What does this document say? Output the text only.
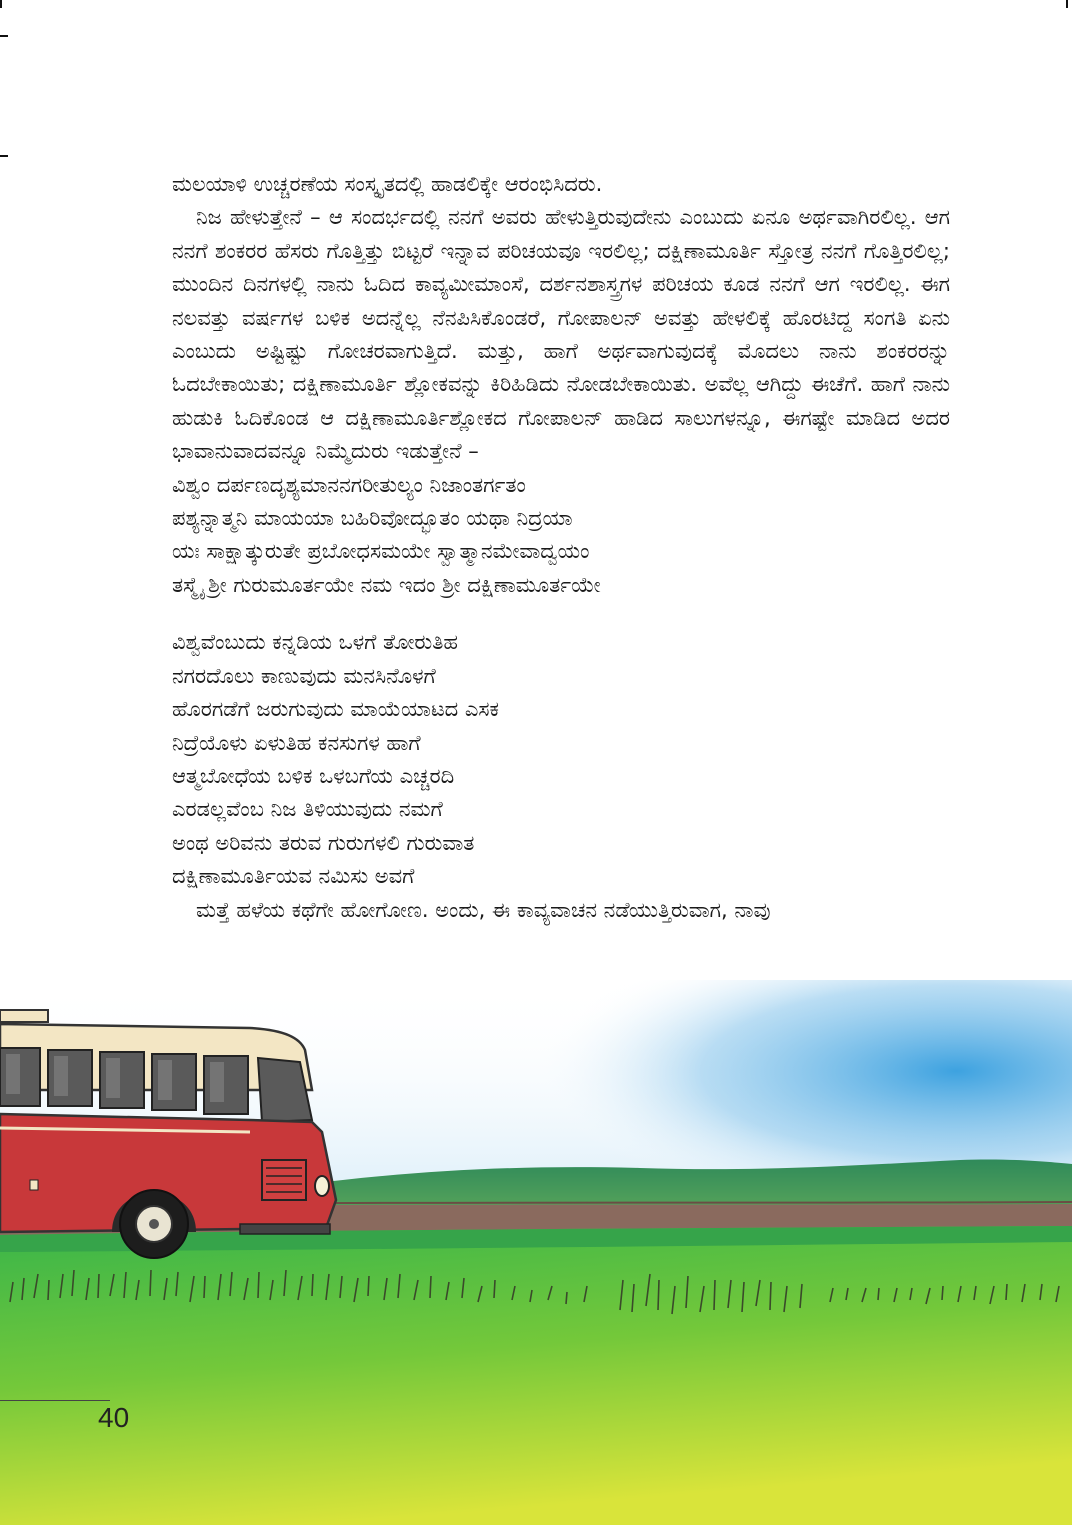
ಮಲಯಾಳಿ ಉಚ್ಚರಣೆಯ ಸಂಸ್ಕೃತದಲ್ಲಿ ಹಾಡಲಿಕ್ಕೇ ಆರಂಭಿಸಿದರು.

ನಿಜ ಹೇಳುತ್ತೇನೆ – ಆ ಸಂದರ್ಭದಲ್ಲಿ ನನಗೆ ಅವರು ಹೇಳುತ್ತಿರುವುದೇನು ಎಂಬುದು ಏನೂ ಅರ್ಥವಾಗಿರಲಿಲ್ಲ. ಆಗ ನನಗೆ ಶಂಕರರ ಹೆಸರು ಗೊತ್ತಿತ್ತು ಬಿಟ್ಟರೆ ಇನ್ನಾವ ಪರಿಚಯವೂ ಇರಲಿಲ್ಲ; ದಕ್ಷಿಣಾಮೂರ್ತಿ ಸ್ತೋತ್ರ ನನಗೆ ಗೊತ್ತಿರಲಿಲ್ಲ; ಮುಂದಿನ ದಿನಗಳಲ್ಲಿ ನಾನು ಓದಿದ ಕಾವ್ಯಮೀಮಾಂಸೆ, ದರ್ಶನಶಾಸ್ತ್ರಗಳ ಪರಿಚಯ ಕೂಡ ನನಗೆ ಆಗ ಇರಲಿಲ್ಲ. ಈಗ ನಲವತ್ತು ವರ್ಷಗಳ ಬಳಿಕ ಅದನ್ನೆಲ್ಲ ನೆನಪಿಸಿಕೊಂಡರೆ, ಗೋಪಾಲನ್ ಅವತ್ತು ಹೇಳಲಿಕ್ಕೆ ಹೊರಟಿದ್ದ ಸಂಗತಿ ಏನು ಎಂಬುದು ಅಷ್ಟಿಷ್ಟು ಗೋಚರವಾಗುತ್ತಿದೆ. ಮತ್ತು, ಹಾಗೆ ಅರ್ಥವಾಗುವುದಕ್ಕೆ ಮೊದಲು ನಾನು ಶಂಕರರನ್ನು ಓದಬೇಕಾಯಿತು; ದಕ್ಷಿಣಾಮೂರ್ತಿ ಶ್ಲೋಕವನ್ನು ಕಿರಿಹಿಡಿದು ನೋಡಬೇಕಾಯಿತು. ಅವೆಲ್ಲ ಆಗಿದ್ದು ಈಚೆಗೆ. ಹಾಗೆ ನಾನು ಹುಡುಕಿ ಓದಿಕೊಂಡ ಆ ದಕ್ಷಿಣಾಮೂರ್ತಿಶ್ಲೋಕದ ಗೋಪಾಲನ್ ಹಾಡಿದ ಸಾಲುಗಳನ್ನೂ, ಈಗಷ್ಟೇ ಮಾಡಿದ ಅದರ ಭಾವಾನುವಾದವನ್ನೂ ನಿಮ್ಮೆದುರು ಇಡುತ್ತೇನೆ –

ವಿಶ್ವಂ ದರ್ಪಣದೃಶ್ಯಮಾನನಗರೀತುಲ್ಯಂ ನಿಜಾಂತರ್ಗತಂ
ಪಶ್ಯನ್ನಾತ್ಮನಿ ಮಾಯಯಾ ಬಹಿರಿವೋದ್ಭೂತಂ ಯಥಾ ನಿದ್ರಯಾ
ಯಃ ಸಾಕ್ಷಾತ್ಕುರುತೇ ಪ್ರಬೋಧಸಮಯೇ ಸ್ವಾತ್ಮಾನಮೇವಾದ್ವಯಂ
ತಸ್ಮೈ ಶ್ರೀ ಗುರುಮೂರ್ತಯೇ ನಮ ಇದಂ ಶ್ರೀ ದಕ್ಷಿಣಾಮೂರ್ತಯೇ
ವಿಶ್ವವೆಂಬುದು ಕನ್ನಡಿಯ ಒಳಗೆ ತೋರುತಿಹ
ನಗರದೊಲು ಕಾಣುವುದು ಮನಸಿನೊಳಗೆ
ಹೊರಗಡೆಗೆ ಜರುಗುವುದು ಮಾಯೆಯಾಟದ ಎಸಕ
ನಿದ್ರೆಯೊಳು ಏಳುತಿಹ ಕನಸುಗಳ ಹಾಗೆ
ಆತ್ಮಬೋಧೆಯ ಬಳಿಕ ಒಳಬಗೆಯ ಎಚ್ಚರದಿ
ಎರಡಲ್ಲವೆಂಬ ನಿಜ ತಿಳಿಯುವುದು ನಮಗೆ
ಅಂಥ ಅರಿವನು ತರುವ ಗುರುಗಳಲಿ ಗುರುವಾತ
ದಕ್ಷಿಣಾಮೂರ್ತಿಯವ ನಮಿಸು ಅವಗೆ

ಮತ್ತೆ ಹಳೆಯ ಕಥೆಗೇ ಹೋಗೋಣ. ಅಂದು, ಈ ಕಾವ್ಯವಾಚನ ನಡೆಯುತ್ತಿರುವಾಗ, ನಾವು

40
